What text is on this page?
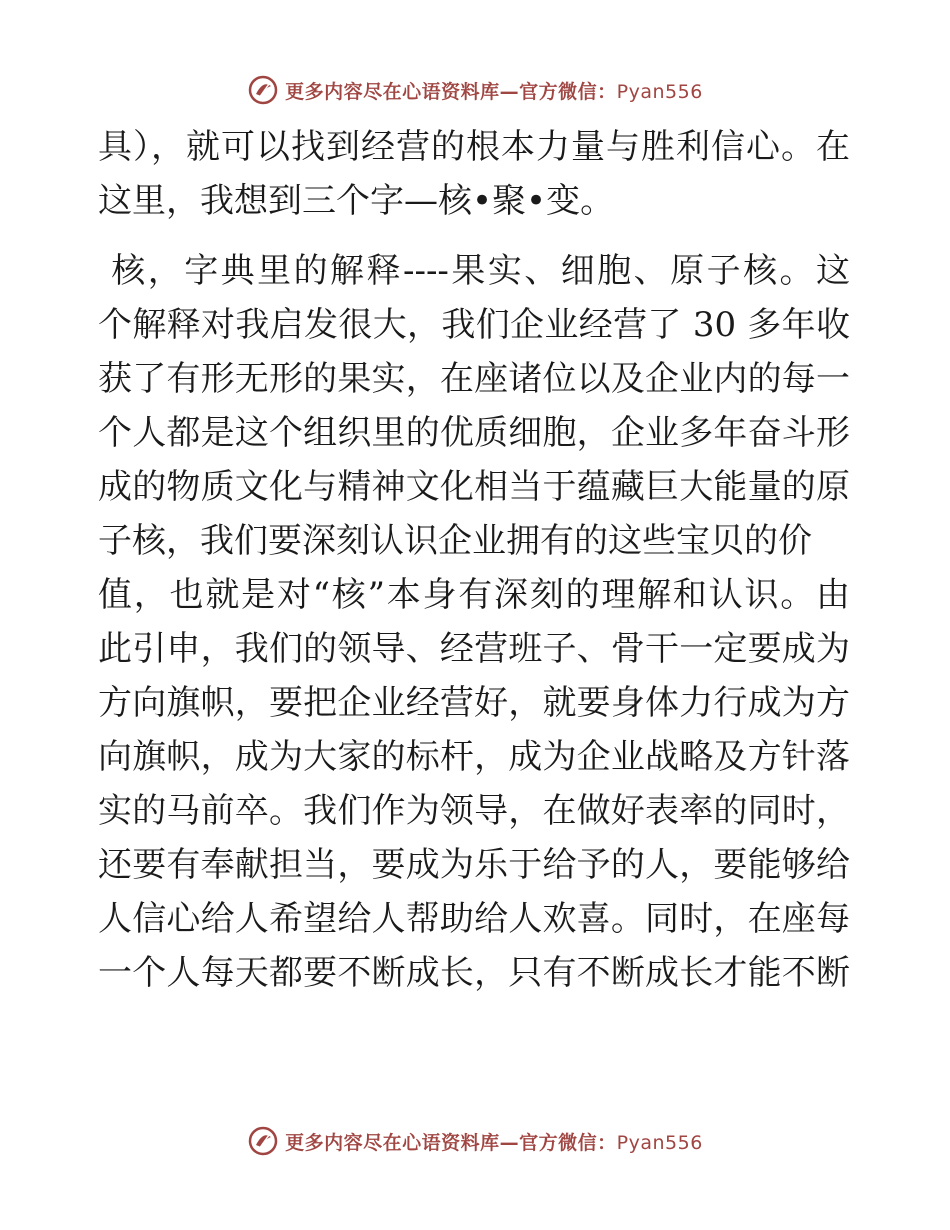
更多内容尽在心语资料库—官方微信：Pyan556
具），就可以找到经营的根本力量与胜利信心。在
这里，我想到三个字—核•聚•变。
核，字典里的解释----果实、细胞、原子核。这
个解释对我启发很大，我们企业经营了 30 多年收
获了有形无形的果实，在座诸位以及企业内的每一
个人都是这个组织里的优质细胞，企业多年奋斗形
成的物质文化与精神文化相当于蕴藏巨大能量的原
子核，我们要深刻认识企业拥有的这些宝贝的价
值，也就是对“核”本身有深刻的理解和认识。由
此引申，我们的领导、经营班子、骨干一定要成为
方向旗帜，要把企业经营好，就要身体力行成为方
向旗帜，成为大家的标杆，成为企业战略及方针落
实的马前卒。我们作为领导，在做好表率的同时，
还要有奉献担当，要成为乐于给予的人，要能够给
人信心给人希望给人帮助给人欢喜。同时，在座每
一个人每天都要不断成长，只有不断成长才能不断
更多内容尽在心语资料库—官方微信：Pyan556
